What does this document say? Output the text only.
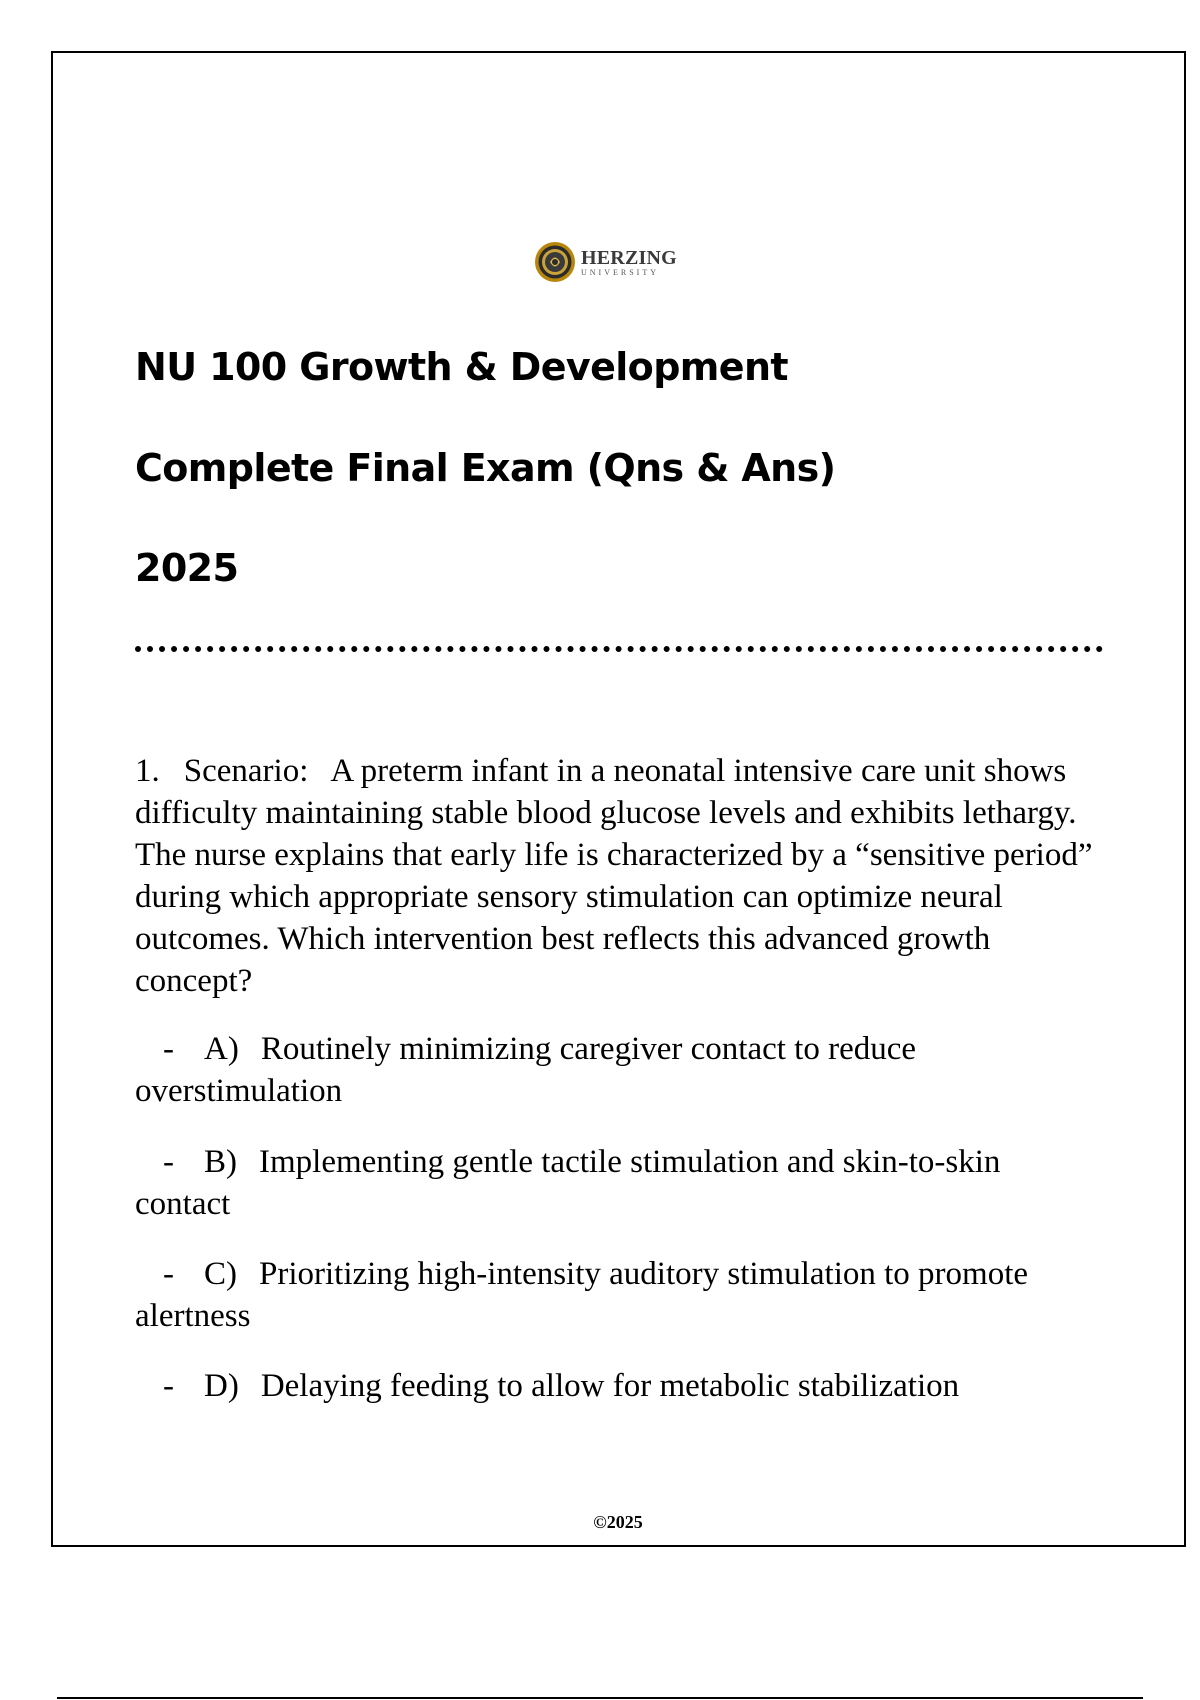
HERZING
UNIVERSITY
NU 100 Growth & Development
Complete Final Exam (Qns & Ans)
2025

1. Scenario: A preterm infant in a neonatal intensive care unit shows difficulty maintaining stable blood glucose levels and exhibits lethargy. The nurse explains that early life is characterized by a “sensitive period” during which appropriate sensory stimulation can optimize neural outcomes. Which intervention best reflects this advanced growth concept?

- A) Routinely minimizing caregiver contact to reduce overstimulation

- B) Implementing gentle tactile stimulation and skin-to-skin contact

- C) Prioritizing high-intensity auditory stimulation to promote alertness

- D) Delaying feeding to allow for metabolic stabilization

©2025
